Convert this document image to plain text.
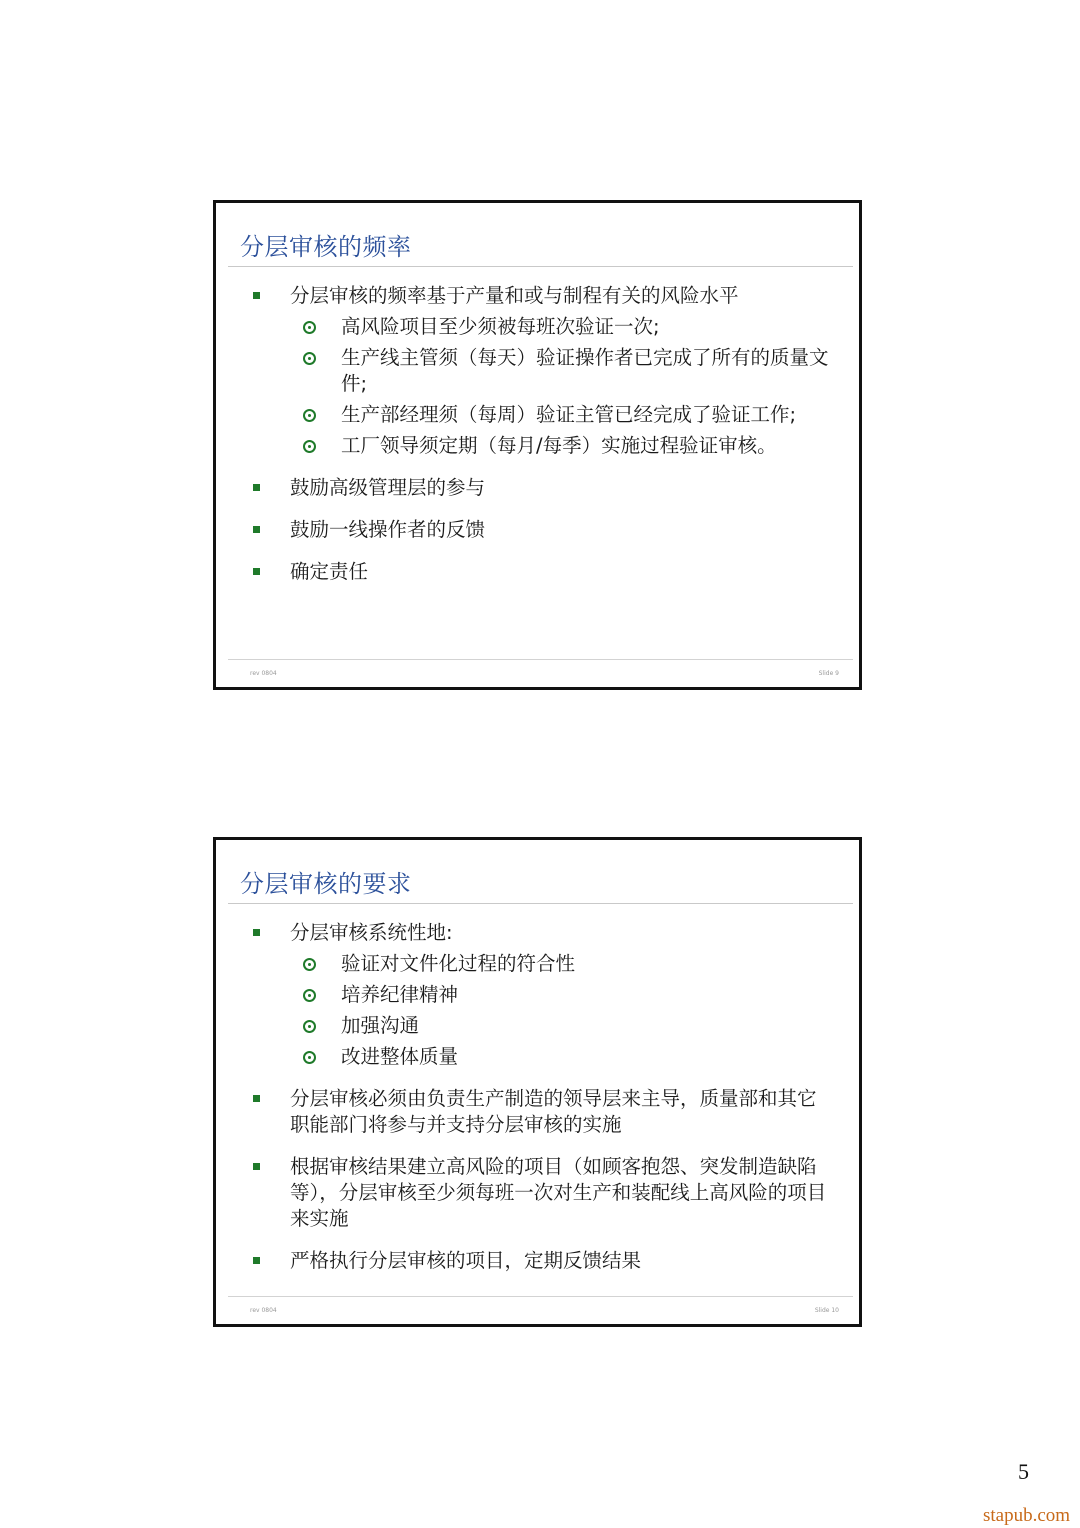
分层审核的频率
分层审核的频率基于产量和或与制程有关的风险水平
高风险项目至少须被每班次验证一次;
生产线主管须（每天）验证操作者已完成了所有的质量文件;
生产部经理须（每周）验证主管已经完成了验证工作;
工厂领导须定期（每月/每季）实施过程验证审核。
鼓励高级管理层的参与
鼓励一线操作者的反馈
确定责任
rev 0804	Slide 9
分层审核的要求
分层审核系统性地:
验证对文件化过程的符合性
培养纪律精神
加强沟通
改进整体质量
分层审核必须由负责生产制造的领导层来主导，质量部和其它职能部门将参与并支持分层审核的实施
根据审核结果建立高风险的项目（如顾客抱怨、突发制造缺陷等），分层审核至少须每班一次对生产和装配线上高风险的项目来实施
严格执行分层审核的项目，定期反馈结果
rev 0804	Slide 10
5
stapub.com
